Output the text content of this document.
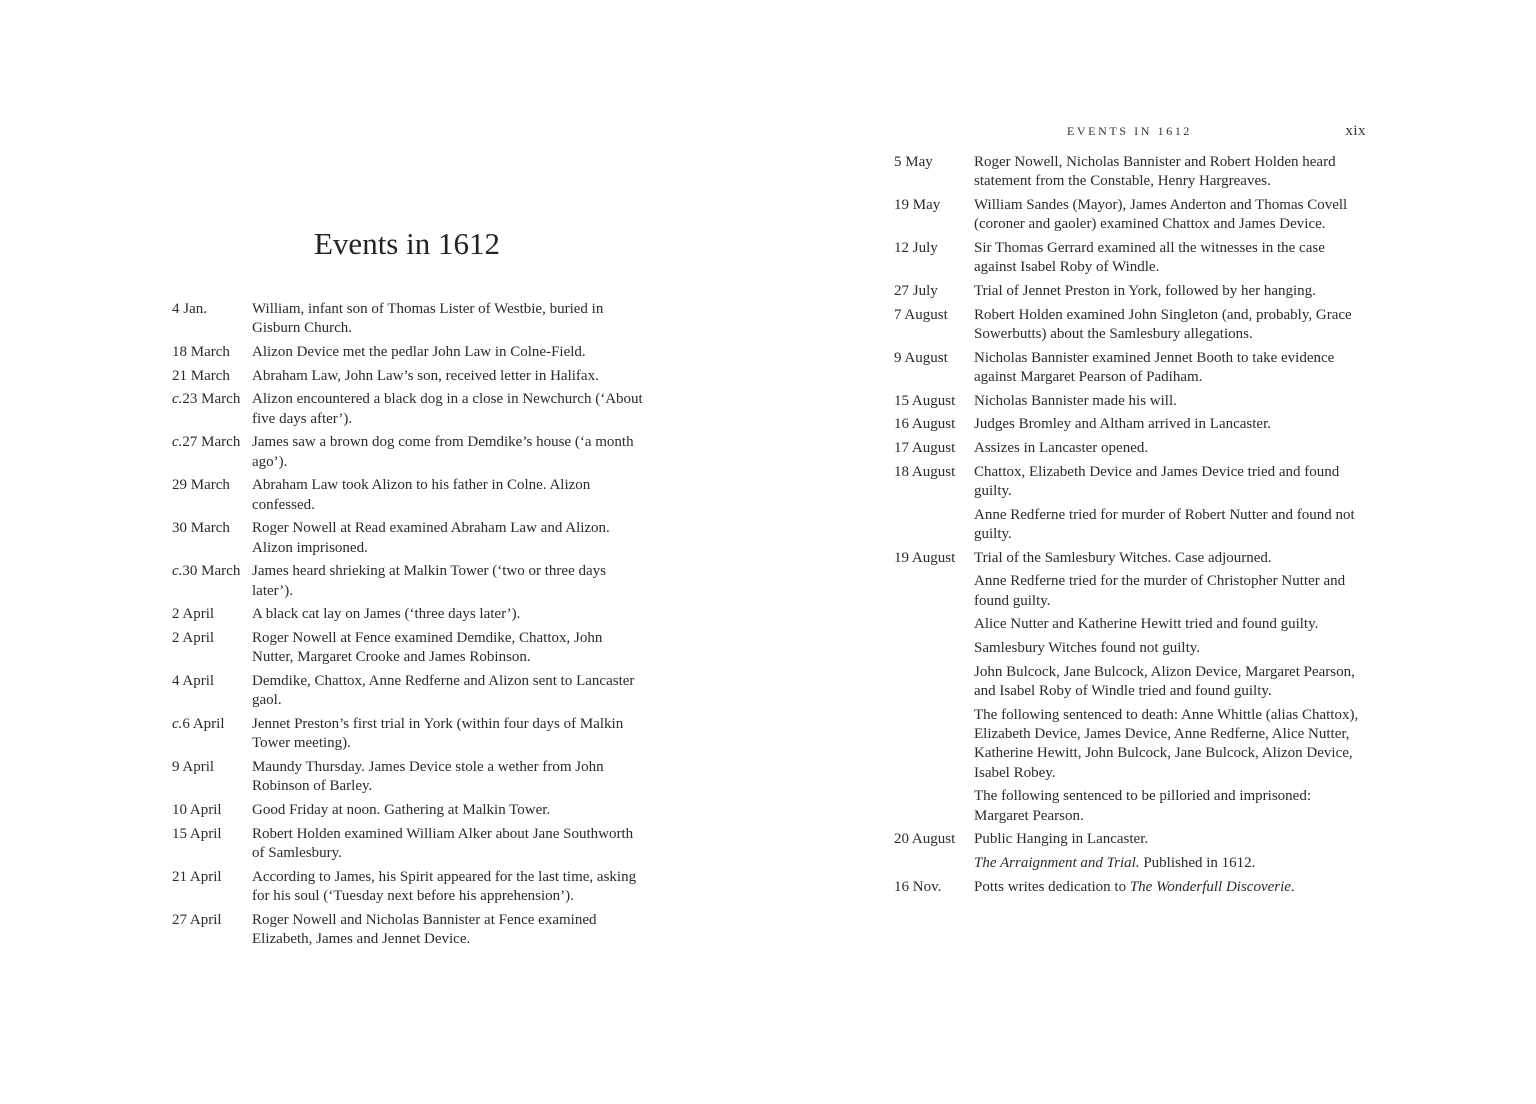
Events in 1612
4 Jan.	William, infant son of Thomas Lister of Westbie, buried in Gisburn Church.
18 March	Alizon Device met the pedlar John Law in Colne-Field.
21 March	Abraham Law, John Law’s son, received letter in Halifax.
c.23 March Alizon encountered a black dog in a close in Newchurch (‘About five days after’).
c.27 March James saw a brown dog come from Demdike’s house (‘a month ago’).
29 March	Abraham Law took Alizon to his father in Colne. Alizon confessed.
30 March	Roger Nowell at Read examined Abraham Law and Alizon. Alizon imprisoned.
c.30 March James heard shrieking at Malkin Tower (‘two or three days later’).
2 April	A black cat lay on James (‘three days later’).
2 April	Roger Nowell at Fence examined Demdike, Chattox, John Nutter, Margaret Crooke and James Robinson.
4 April	Demdike, Chattox, Anne Redferne and Alizon sent to Lancaster gaol.
c.6 April	Jennet Preston’s first trial in York (within four days of Malkin Tower meeting).
9 April	Maundy Thursday. James Device stole a wether from John Robinson of Barley.
10 April	Good Friday at noon. Gathering at Malkin Tower.
15 April	Robert Holden examined William Alker about Jane Southworth of Samlesbury.
21 April	According to James, his Spirit appeared for the last time, asking for his soul (‘Tuesday next before his apprehension’).
27 April	Roger Nowell and Nicholas Bannister at Fence examined Elizabeth, James and Jennet Device.
EVENTS IN 1612	xix
5 May	Roger Nowell, Nicholas Bannister and Robert Holden heard statement from the Constable, Henry Hargreaves.
19 May	William Sandes (Mayor), James Anderton and Thomas Covell (coroner and gaoler) examined Chattox and James Device.
12 July	Sir Thomas Gerrard examined all the witnesses in the case against Isabel Roby of Windle.
27 July	Trial of Jennet Preston in York, followed by her hanging.
7 August	Robert Holden examined John Singleton (and, probably, Grace Sowerbutts) about the Samlesbury allegations.
9 August	Nicholas Bannister examined Jennet Booth to take evidence against Margaret Pearson of Padiham.
15 August	Nicholas Bannister made his will.
16 August	Judges Bromley and Altham arrived in Lancaster.
17 August	Assizes in Lancaster opened.
18 August	Chattox, Elizabeth Device and James Device tried and found guilty.
Anne Redferne tried for murder of Robert Nutter and found not guilty.
19 August	Trial of the Samlesbury Witches. Case adjourned.
Anne Redferne tried for the murder of Christopher Nutter and found guilty.
Alice Nutter and Katherine Hewitt tried and found guilty.
Samlesbury Witches found not guilty.
John Bulcock, Jane Bulcock, Alizon Device, Margaret Pearson, and Isabel Roby of Windle tried and found guilty.
The following sentenced to death: Anne Whittle (alias Chattox), Elizabeth Device, James Device, Anne Redferne, Alice Nutter, Katherine Hewitt, John Bulcock, Jane Bulcock, Alizon Device, Isabel Robey.
The following sentenced to be pilloried and imprisoned: Margaret Pearson.
20 August	Public Hanging in Lancaster.
The Arraignment and Trial. Published in 1612.
16 Nov.	Potts writes dedication to The Wonderfull Discoverie.
